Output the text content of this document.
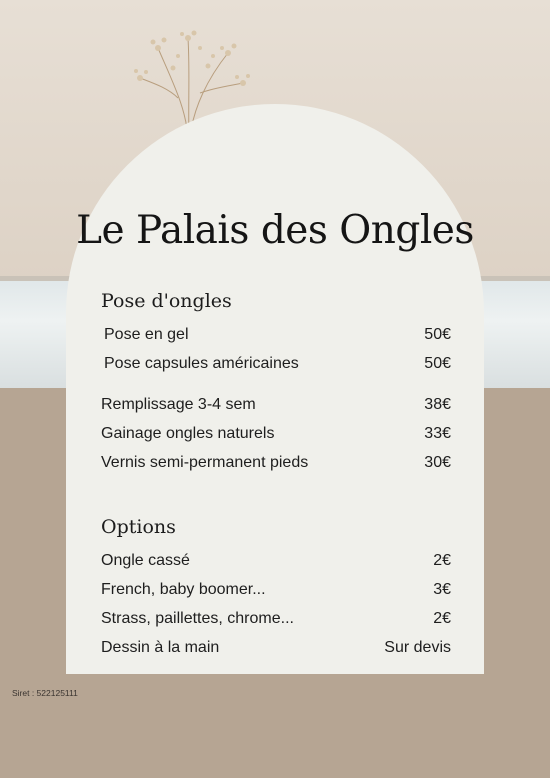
Le Palais des Ongles
Pose d'ongles
Pose en gel	50€
Pose capsules américaines	50€
Remplissage 3-4 sem	38€
Gainage ongles naturels	33€
Vernis semi-permanent pieds	30€
Options
Ongle cassé	2€
French, baby boomer...	3€
Strass, paillettes, chrome...	2€
Dessin à la main	Sur devis
Siret : 522125111
